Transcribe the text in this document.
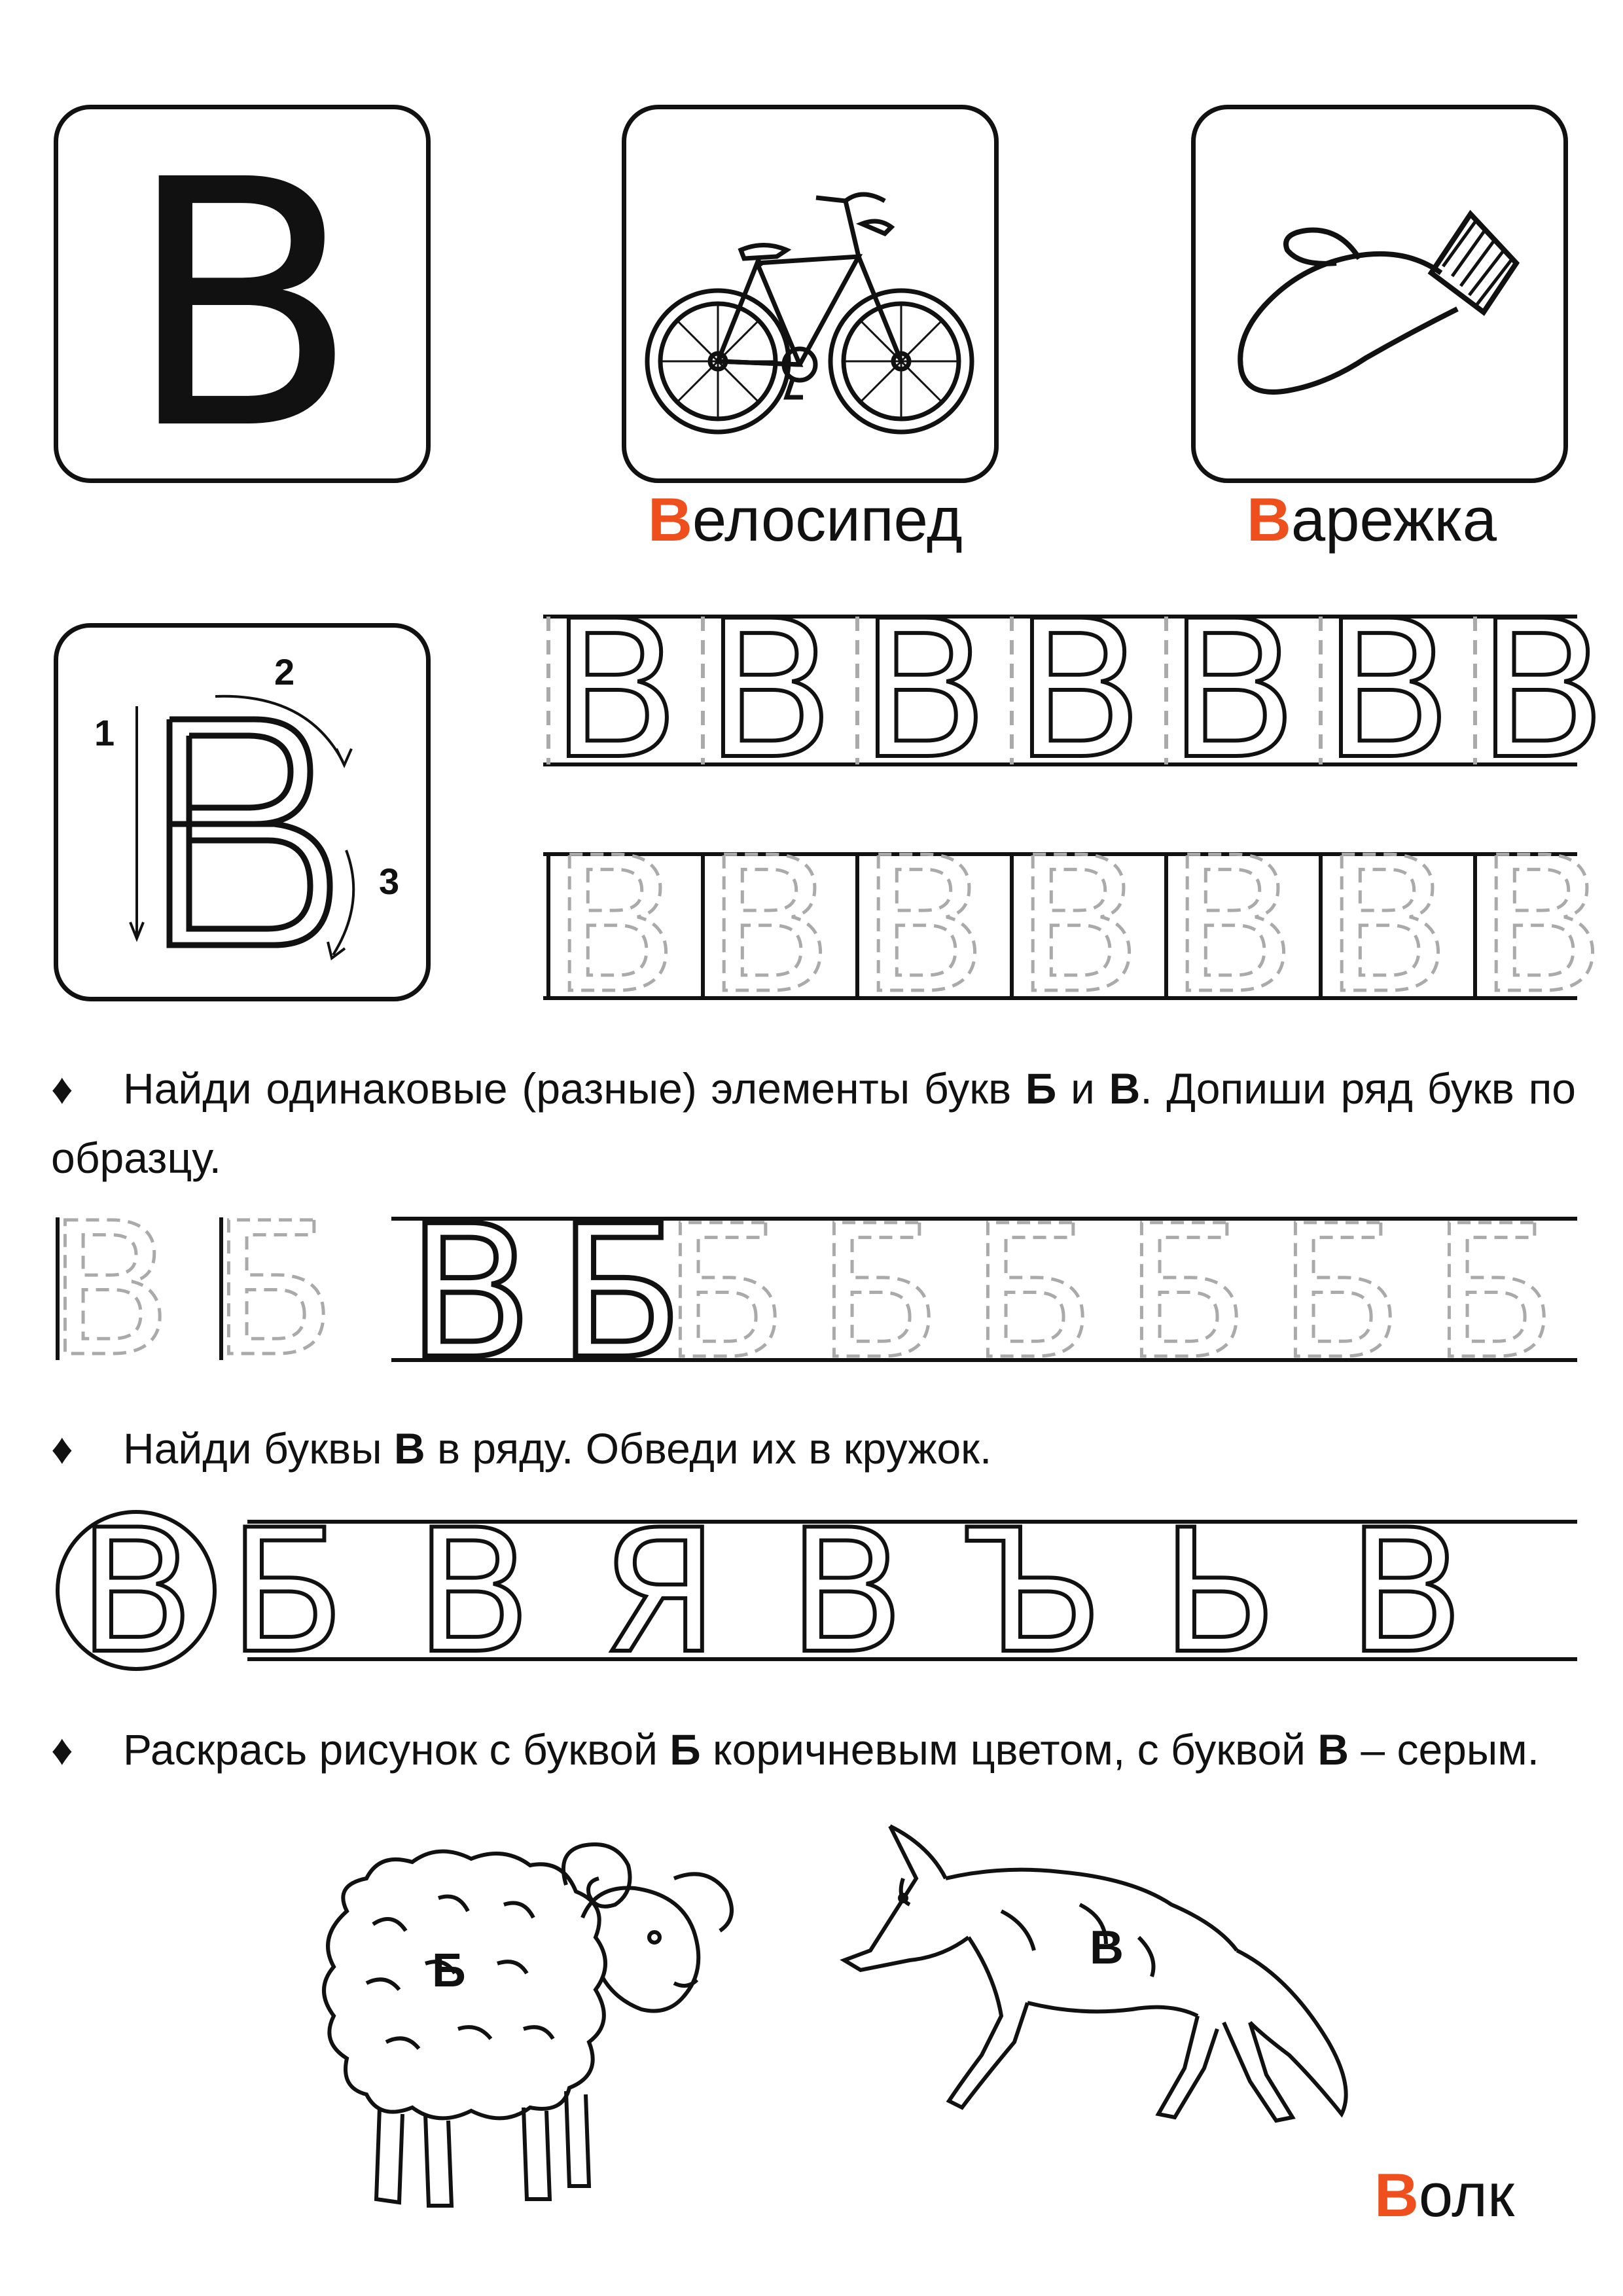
В
Велосипед	Варежка
1
2
3
В В В В В В В
В В В В В В В
♦ Найди одинаковые (разные) элементы букв Б и В. Допиши ряд букв по образцу.
В Б В Б
Б Б Б Б Б Б
♦ Найди буквы В в ряду. Обведи их в кружок.
В Б В Я В Ъ Ь В
♦ Раскрась рисунок с буквой Б коричневым цветом, с буквой В – серым.
Б	В
Волк
